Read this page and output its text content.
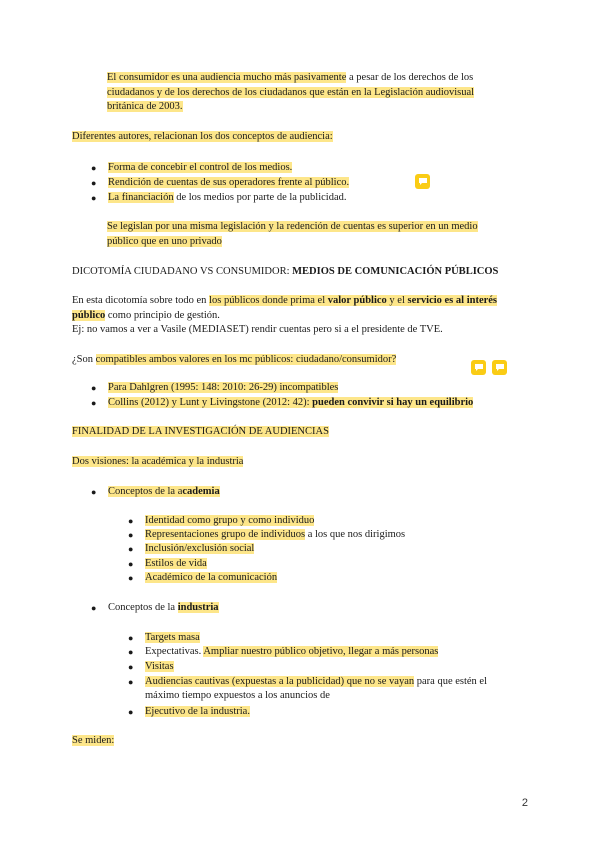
El consumidor es una audiencia mucho más pasivamente a pesar de los derechos de los
ciudadanos y de los derechos de los ciudadanos que están en la Legislación audiovisual
británica de 2003.
Diferentes autores, relacionan los dos conceptos de audiencia:
● Forma de concebir el control de los medios.
● Rendición de cuentas de sus operadores frente al público.
● La financiación de los medios por parte de la publicidad.
Se legislan por una misma legislación y la redención de cuentas es superior en un medio
público que en uno privado
DICOTOMÍA CIUDADANO VS CONSUMIDOR: MEDIOS DE COMUNICACIÓN PÚBLICOS
En esta dicotomía sobre todo en los públicos donde prima el valor público y el servicio es al interés
público como principio de gestión.
Ej: no vamos a ver a Vasile (MEDIASET) rendir cuentas pero si a el presidente de TVE.
¿Son compatibles ambos valores en los mc públicos: ciudadano/consumidor?
● Para Dahlgren (1995: 148: 2010: 26-29) incompatibles
● Collins (2012) y Lunt y Livingstone (2012: 42): pueden convivir si hay un equilibrio
FINALIDAD DE LA INVESTIGACIÓN DE AUDIENCIAS
Dos visiones: la académica y la industria
● Conceptos de la academia
● Identidad como grupo y como individuo
● Representaciones grupo de individuos a los que nos dirigimos
● Inclusión/exclusión social
● Estilos de vida
● Académico de la comunicación
● Conceptos de la industria
● Targets masa
● Expectativas. Ampliar nuestro público objetivo, llegar a más personas
● Visitas
● Audiencias cautivas (expuestas a la publicidad) que no se vayan para que estén el
máximo tiempo expuestos a los anuncios de
● Ejecutivo de la industria.
Se miden:
2
